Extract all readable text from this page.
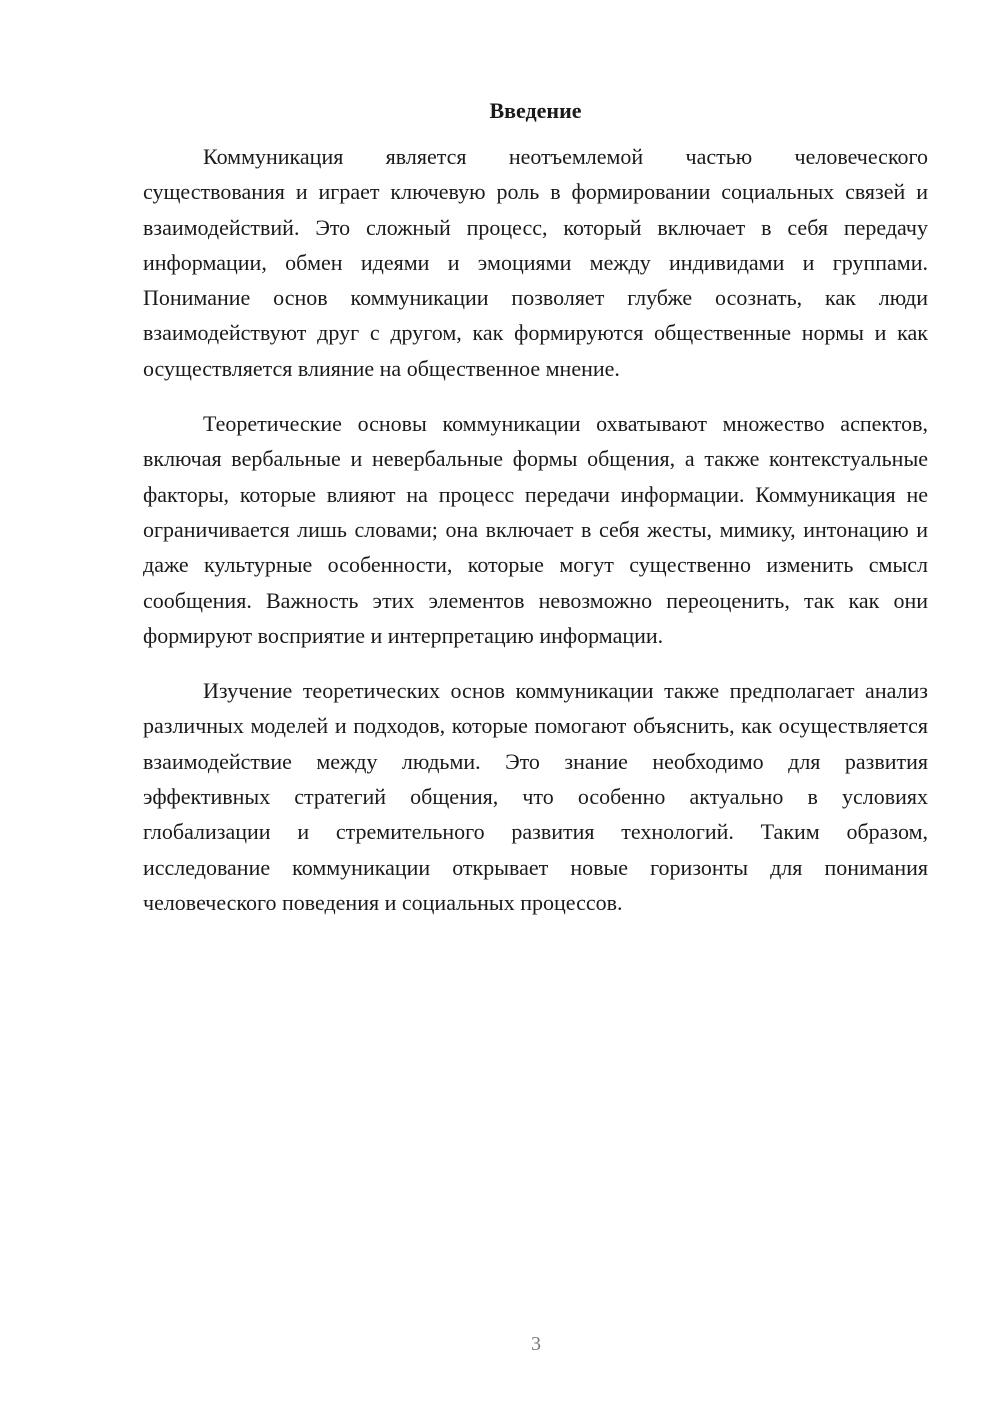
Введение

Коммуникация является неотъемлемой частью человеческого существования и играет ключевую роль в формировании социальных связей и взаимодействий. Это сложный процесс, который включает в себя передачу информации, обмен идеями и эмоциями между индивидами и группами. Понимание основ коммуникации позволяет глубже осознать, как люди взаимодействуют друг с другом, как формируются общественные нормы и как осуществляется влияние на общественное мнение.

Теоретические основы коммуникации охватывают множество аспектов, включая вербальные и невербальные формы общения, а также контекстуальные факторы, которые влияют на процесс передачи информации. Коммуникация не ограничивается лишь словами; она включает в себя жесты, мимику, интонацию и даже культурные особенности, которые могут существенно изменить смысл сообщения. Важность этих элементов невозможно переоценить, так как они формируют восприятие и интерпретацию информации.

Изучение теоретических основ коммуникации также предполагает анализ различных моделей и подходов, которые помогают объяснить, как осуществляется взаимодействие между людьми. Это знание необходимо для развития эффективных стратегий общения, что особенно актуально в условиях глобализации и стремительного развития технологий. Таким образом, исследование коммуникации открывает новые горизонты для понимания человеческого поведения и социальных процессов.

3
